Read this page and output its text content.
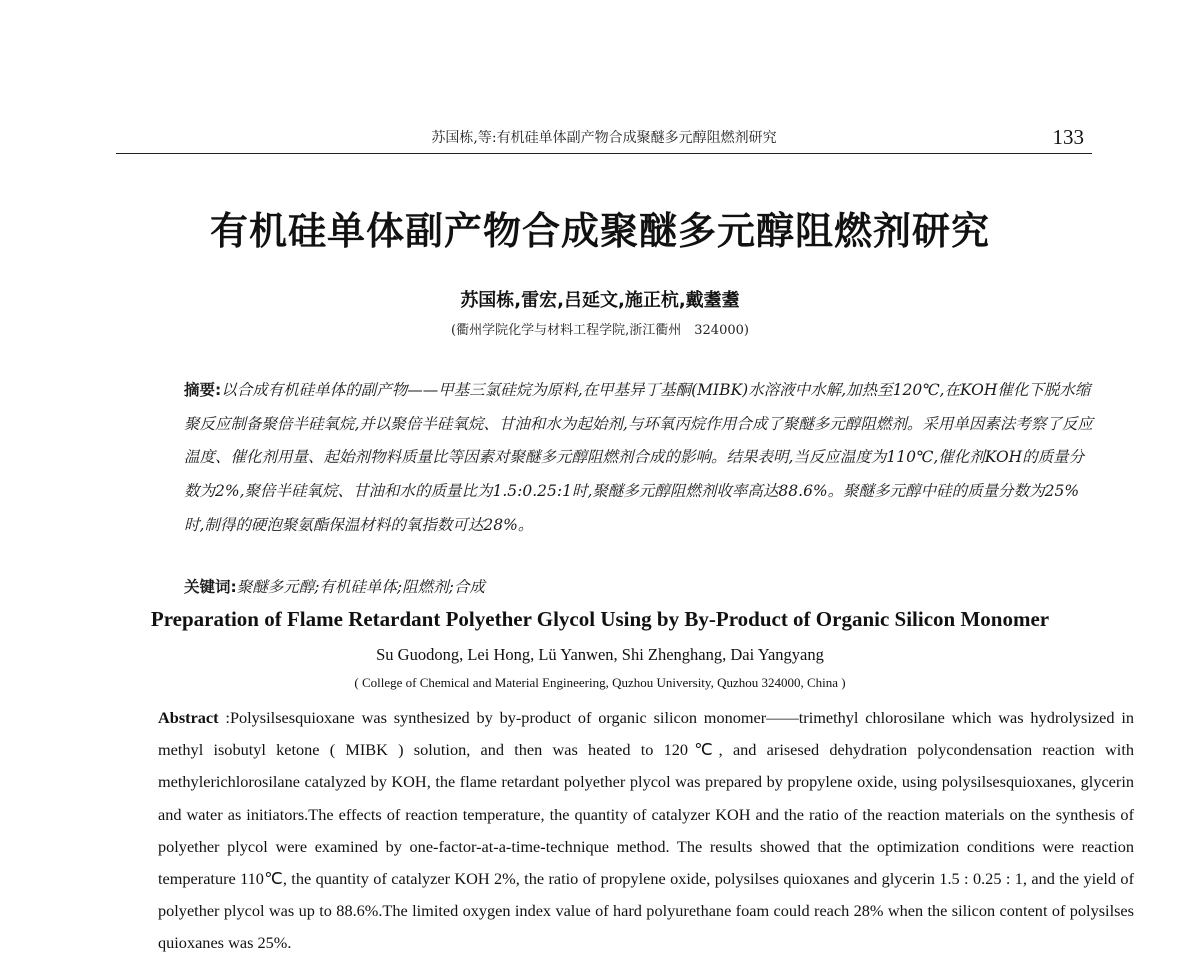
苏国栋,等:有机硅单体副产物合成聚醚多元醇阻燃剂研究	133
有机硅单体副产物合成聚醚多元醇阻燃剂研究
苏国栋,雷宏,吕延文,施正杭,戴耋耋
(衢州学院化学与材料工程学院,浙江衢州　324000)
摘要:以合成有机硅单体的副产物——甲基三氯硅烷为原料,在甲基异丁基酮(MIBK)水溶液中水解,加热至120℃,在KOH催化下脱水缩聚反应制备聚倍半硅氧烷,并以聚倍半硅氧烷、甘油和水为起始剂,与环氧丙烷作用合成了聚醚多元醇阻燃剂。采用单因素法考察了反应温度、催化剂用量、起始剂物料质量比等因素对聚醚多元醇阻燃剂合成的影响。结果表明,当反应温度为110℃,催化剂KOH的质量分数为2%,聚倍半硅氧烷、甘油和水的质量比为1.5:0.25:1时,聚醚多元醇阻燃剂收率高达88.6%。聚醚多元醇中硅的质量分数为25%时,制得的硬泡聚氨酯保温材料的氧指数可达28%。
关键词:聚醚多元醇;有机硅单体;阻燃剂;合成
Preparation of Flame Retardant Polyether Glycol Using by By-Product of Organic Silicon Monomer
Su Guodong, Lei Hong, Lü Yanwen, Shi Zhenghang, Dai Yangyang
( College of Chemical and Material Engineering, Quzhou University, Quzhou 324000, China )
Abstract :Polysilsesquioxane was synthesized by by-product of organic silicon monomer——trimethyl chlorosilane which was hydrolysized in methyl isobutyl ketone ( MIBK ) solution, and then was heated to 120℃, and arisesed dehydration polycondensation reaction with methylerichlorosilane catalyzed by KOH, the flame retardant polyether plycol was prepared by propylene oxide, using polysilsesquioxanes, glycerin and water as initiators.The effects of reaction temperature, the quantity of catalyzer KOH and the ratio of the reaction materials on the synthesis of polyether plycol were examined by one-factor-at-a-time-technique method. The results showed that the optimization conditions were reaction temperature 110℃, the quantity of catalyzer KOH 2%, the ratio of propylene oxide, polysilses quioxanes and glycerin 1.5 : 0.25 : 1, and the yield of polyether plycol was up to 88.6%.The limited oxygen index value of hard polyurethane foam could reach 28% when the silicon content of polysilses quioxanes was 25%.
